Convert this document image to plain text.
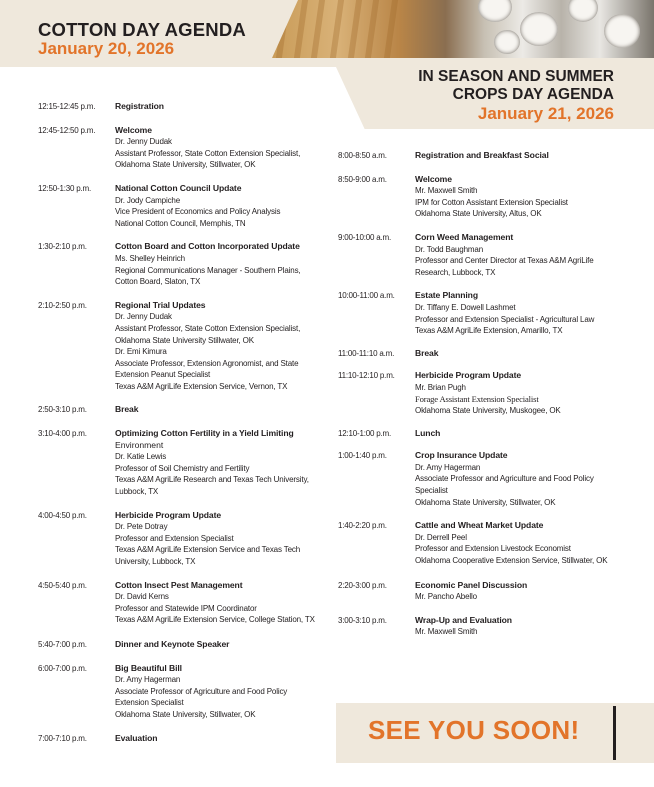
COTTON DAY AGENDA
January 20, 2026
IN SEASON AND SUMMER
CROPS DAY AGENDA
January 21, 2026
12:15-12:45 p.m.	Registration
12:45-12:50 p.m.	Welcome
Dr. Jenny Dudak
Assistant Professor, State Cotton Extension Specialist,
Oklahoma State University, Stillwater, OK
12:50-1:30 p.m.	National Cotton Council Update
Dr. Jody Campiche
Vice President of Economics and Policy Analysis
National Cotton Council, Memphis, TN
1:30-2:10 p.m.	Cotton Board and Cotton Incorporated Update
Ms. Shelley Heinrich
Regional Communications Manager - Southern Plains,
Cotton Board, Slaton, TX
2:10-2:50 p.m.	Regional Trial Updates
Dr. Jenny Dudak
Assistant Professor, State Cotton Extension Specialist,
Oklahoma State University Stillwater, OK
Dr. Emi Kimura
Associate Professor, Extension Agronomist, and State
Extension Peanut Specialist
Texas A&M AgriLife Extension Service, Vernon, TX
2:50-3:10 p.m.	Break
3:10-4:00 p.m.	Optimizing Cotton Fertility in a Yield Limiting
Environment
Dr. Katie Lewis
Professor of Soil Chemistry and Fertility
Texas A&M AgriLife Research and Texas Tech University,
Lubbock, TX
4:00-4:50 p.m.	Herbicide Program Update
Dr. Pete Dotray
Professor and Extension Specialist
Texas A&M AgriLife Extension Service and Texas Tech
University, Lubbock, TX
4:50-5:40 p.m.	Cotton Insect Pest Management
Dr. David Kerns
Professor and Statewide IPM Coordinator
Texas A&M AgriLife Extension Service, College Station, TX
5:40-7:00 p.m.	Dinner and Keynote Speaker
6:00-7:00 p.m.	Big Beautiful Bill
Dr. Amy Hagerman
Associate Professor of Agriculture and Food Policy
Extension Specialist
Oklahoma State University, Stillwater, OK
7:00-7:10 p.m.	Evaluation
8:00-8:50 a.m.	Registration and Breakfast Social
8:50-9:00 a.m.	Welcome
Mr. Maxwell Smith
IPM for Cotton Assistant Extension Specialist
Oklahoma State University, Altus, OK
9:00-10:00 a.m.	Corn Weed Management
Dr. Todd Baughman
Professor and Center Director at Texas A&M AgriLife
Research, Lubbock, TX
10:00-11:00 a.m.	Estate Planning
Dr. Tiffany E. Dowell Lashmet
Professor and Extension Specialist - Agricultural Law
Texas A&M AgriLife Extension, Amarillo, TX
11:00-11:10 a.m.	Break
11:10-12:10 p.m.	Herbicide Program Update
Mr. Brian Pugh
Forage Assistant Extension Specialist
Oklahoma State University, Muskogee, OK
12:10-1:00 p.m.	Lunch
1:00-1:40 p.m.	Crop Insurance Update
Dr. Amy Hagerman
Associate Professor and Agriculture and Food Policy
Specialist
Oklahoma State University, Stillwater, OK
1:40-2:20 p.m.	Cattle and Wheat Market Update
Dr. Derrell Peel
Professor and Extension Livestock Economist
Oklahoma Cooperative Extension Service, Stillwater, OK
2:20-3:00 p.m.	Economic Panel Discussion
Mr. Pancho Abello
3:00-3:10 p.m.	Wrap-Up and Evaluation
Mr. Maxwell Smith
SEE YOU SOON!
